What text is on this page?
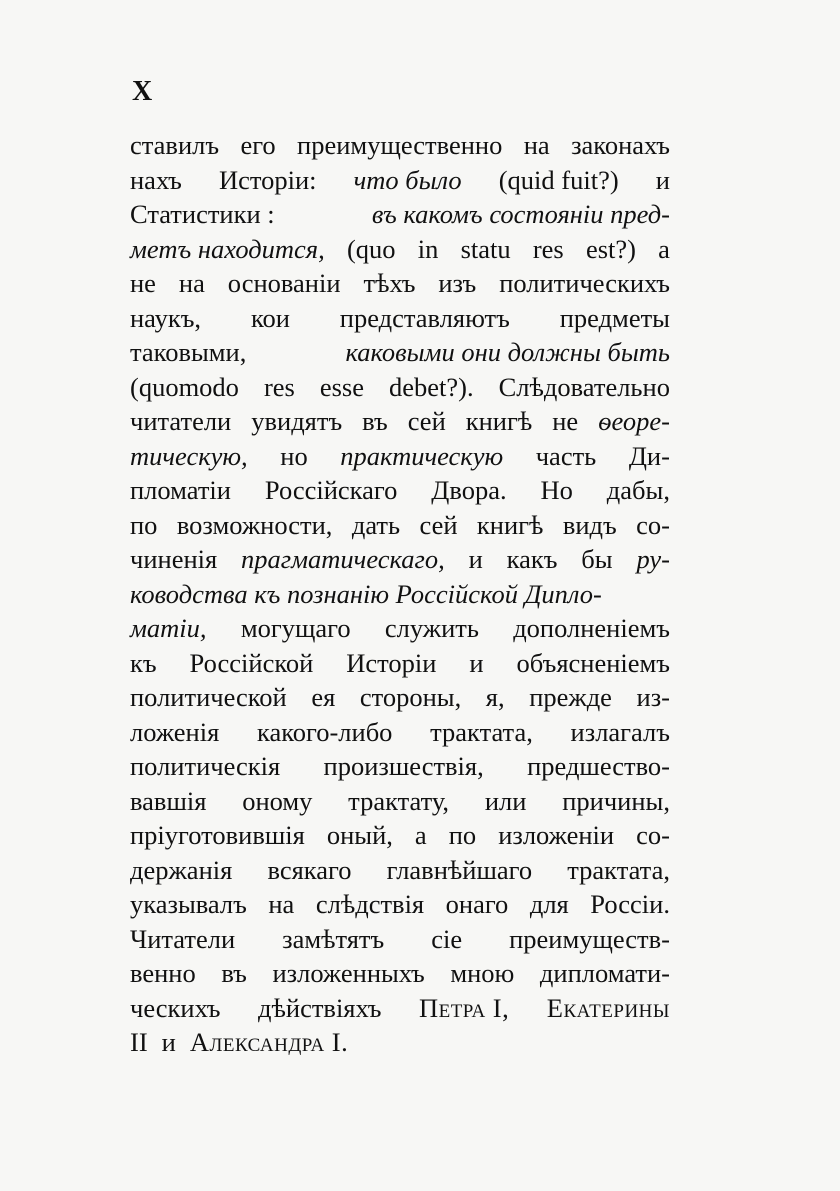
X
ставилъ его преимущественно на законахъ
нахъ Исторіи: что было (quid fuit?) и
Статистики :	въ какомъ состояніи пред-
метъ находится, (quo in statu res est?) а
не на основаніи тѣхъ изъ политическихъ
наукъ, кои представляютъ предметы
таковыми,	каковыми они должны быть
(quomodo res esse debet?). Слѣдовательно
читатели увидятъ въ сей книгѣ не ѳеоре-
тическую, но практическую часть Ди-
пломатіи Россійскаго Двора. Но дабы,
по возможности, дать сей книгѣ видъ со-
чиненія прагматическаго, и какъ бы ру-
ководства къ познанію Россійской Дипло-
матіи, могущаго служить дополненіемъ
къ Россійской Исторіи и объясненіемъ
политической ея стороны, я, прежде из-
ложенія какого-либо трактата, излагалъ
политическія произшествія, предшество-
вавшія оному трактату, или причины,
пріуготовившія оный, а по изложеніи со-
держанія всякаго главнѣйшаго трактата,
указывалъ на слѣдствія онаго для Россіи.
Читатели замѣтятъ сіе преимуществ-
венно въ изложенныхъ мною дипломати-
ческихъ дѣйствіяхъ Петра I, Екатерины
II и Александра I.
